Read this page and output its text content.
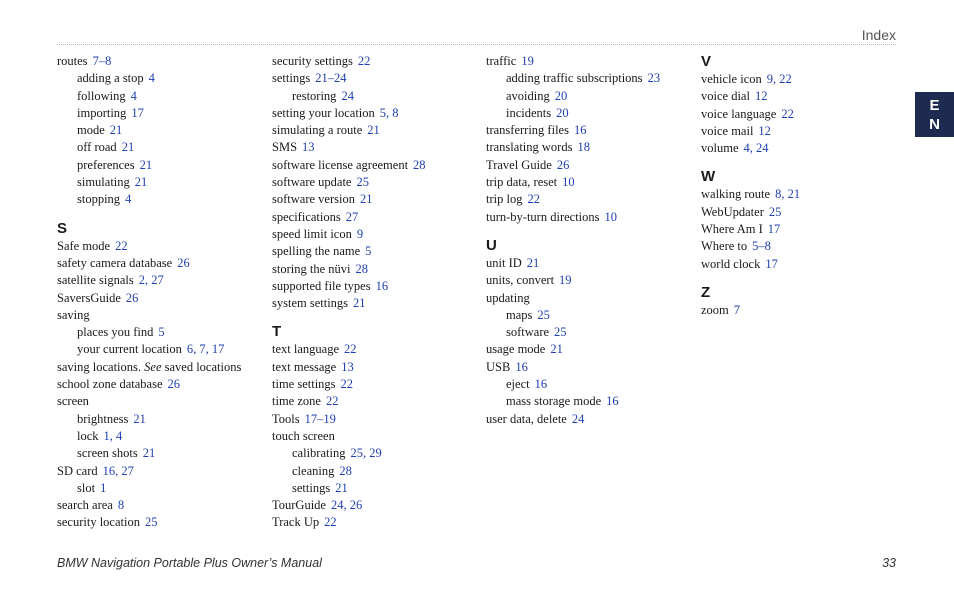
Index
E
N
routes 7–8
adding a stop 4
following 4
importing 17
mode 21
off road 21
preferences 21
simulating 21
stopping 4
S
Safe mode 22
safety camera database 26
satellite signals 2, 27
SaversGuide 26
saving
places you find 5
your current location 6, 7, 17
saving locations. See saved locations
school zone database 26
screen
brightness 21
lock 1, 4
screen shots 21
SD card 16, 27
slot 1
search area 8
security location 25
security settings 22
settings 21–24
restoring 24
setting your location 5, 8
simulating a route 21
SMS 13
software license agreement 28
software update 25
software version 21
specifications 27
speed limit icon 9
spelling the name 5
storing the nüvi 28
supported file types 16
system settings 21
T
text language 22
text message 13
time settings 22
time zone 22
Tools 17–19
touch screen
calibrating 25, 29
cleaning 28
settings 21
TourGuide 24, 26
Track Up 22
traffic 19
adding traffic subscriptions 23
avoiding 20
incidents 20
transferring files 16
translating words 18
Travel Guide 26
trip data, reset 10
trip log 22
turn-by-turn directions 10
U
unit ID 21
units, convert 19
updating
maps 25
software 25
usage mode 21
USB 16
eject 16
mass storage mode 16
user data, delete 24
V
vehicle icon 9, 22
voice dial 12
voice language 22
voice mail 12
volume 4, 24
W
walking route 8, 21
WebUpdater 25
Where Am I 17
Where to 5–8
world clock 17
Z
zoom 7
BMW Navigation Portable Plus Owner’s Manual	33
